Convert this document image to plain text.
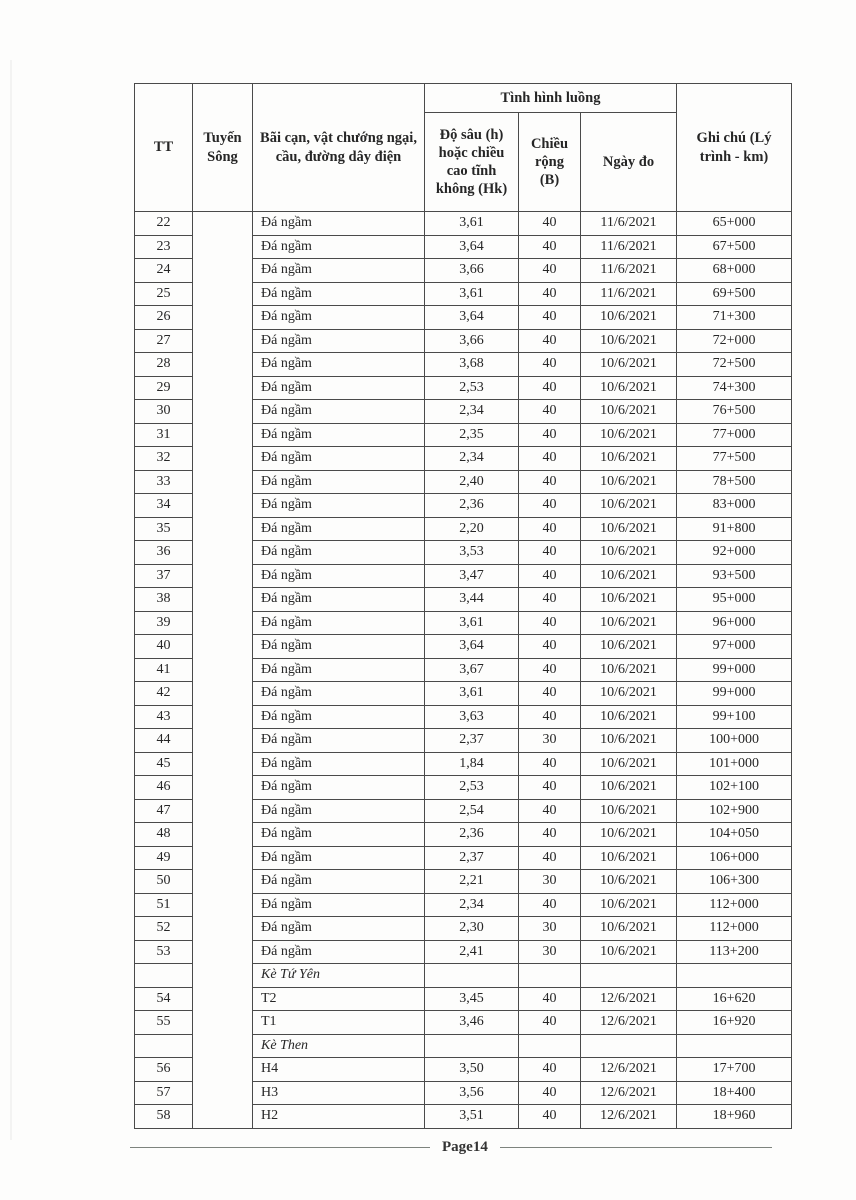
TT	Tuyến Sông	Bãi cạn, vật chướng ngại, cầu, đường dây điện	Tình hình luồng			Ghi chú (Lý trình - km)
			Độ sâu (h) hoặc chiều cao tĩnh không (Hk)	Chiều rộng (B)	Ngày đo	
22		Đá ngầm	3,61	40	11/6/2021	65+000
23		Đá ngầm	3,64	40	11/6/2021	67+500
24		Đá ngầm	3,66	40	11/6/2021	68+000
25		Đá ngầm	3,61	40	11/6/2021	69+500
26		Đá ngầm	3,64	40	10/6/2021	71+300
27		Đá ngầm	3,66	40	10/6/2021	72+000
28		Đá ngầm	3,68	40	10/6/2021	72+500
29		Đá ngầm	2,53	40	10/6/2021	74+300
30		Đá ngầm	2,34	40	10/6/2021	76+500
31		Đá ngầm	2,35	40	10/6/2021	77+000
32		Đá ngầm	2,34	40	10/6/2021	77+500
33		Đá ngầm	2,40	40	10/6/2021	78+500
34		Đá ngầm	2,36	40	10/6/2021	83+000
35		Đá ngầm	2,20	40	10/6/2021	91+800
36		Đá ngầm	3,53	40	10/6/2021	92+000
37		Đá ngầm	3,47	40	10/6/2021	93+500
38		Đá ngầm	3,44	40	10/6/2021	95+000
39		Đá ngầm	3,61	40	10/6/2021	96+000
40		Đá ngầm	3,64	40	10/6/2021	97+000
41		Đá ngầm	3,67	40	10/6/2021	99+000
42		Đá ngầm	3,61	40	10/6/2021	99+000
43		Đá ngầm	3,63	40	10/6/2021	99+100
44		Đá ngầm	2,37	30	10/6/2021	100+000
45		Đá ngầm	1,84	40	10/6/2021	101+000
46		Đá ngầm	2,53	40	10/6/2021	102+100
47		Đá ngầm	2,54	40	10/6/2021	102+900
48		Đá ngầm	2,36	40	10/6/2021	104+050
49		Đá ngầm	2,37	40	10/6/2021	106+000
50		Đá ngầm	2,21	30	10/6/2021	106+300
51		Đá ngầm	2,34	40	10/6/2021	112+000
52		Đá ngầm	2,30	30	10/6/2021	112+000
53		Đá ngầm	2,41	30	10/6/2021	113+200
		Kè Tứ Yên				
54		T2	3,45	40	12/6/2021	16+620
55		T1	3,46	40	12/6/2021	16+920
		Kè Then				
56		H4	3,50	40	12/6/2021	17+700
57		H3	3,56	40	12/6/2021	18+400
58		H2	3,51	40	12/6/2021	18+960
Page14
